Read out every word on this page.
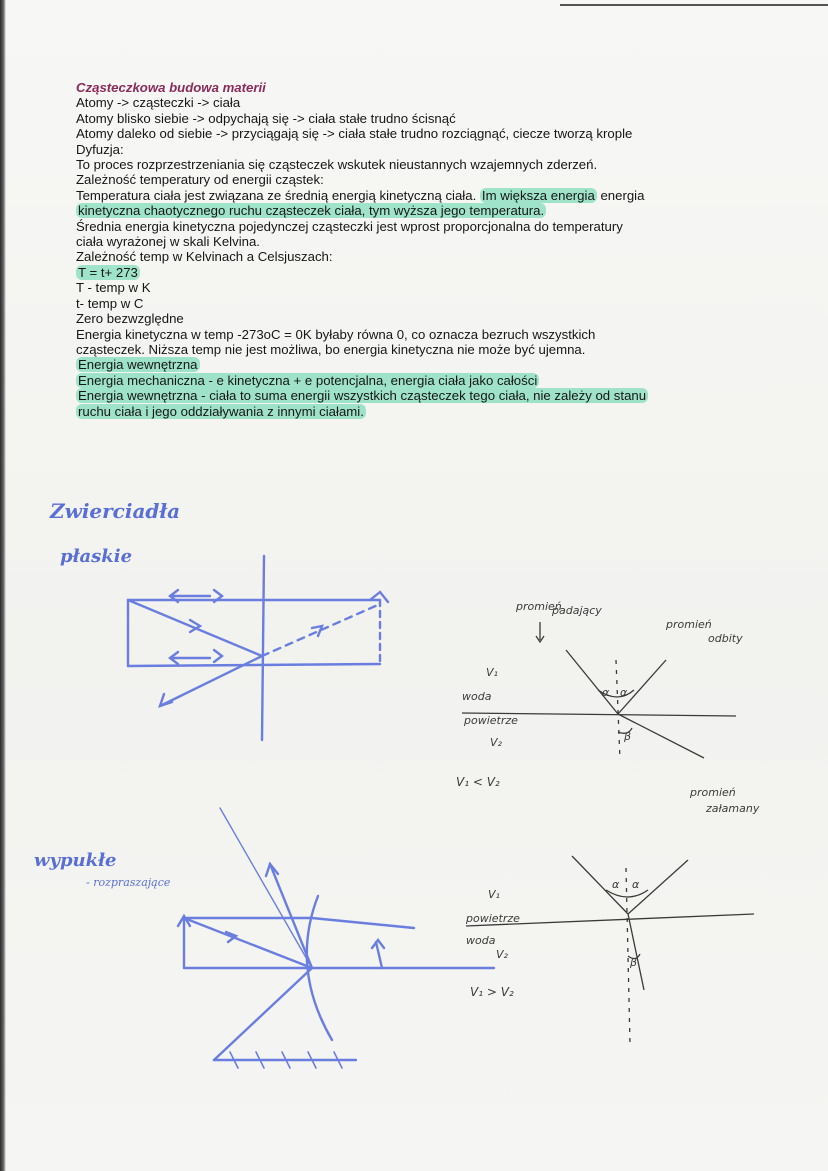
Cząsteczkowa budowa materii
Atomy -> cząsteczki -> ciała
Atomy blisko siebie -> odpychają się -> ciała stałe trudno ścisnąć
Atomy daleko od siebie -> przyciągają się -> ciała stałe trudno rozciągnąć, ciecze tworzą krople
Dyfuzja:
To proces rozprzestrzeniania się cząsteczek wskutek nieustannych wzajemnych zderzeń.
Zależność temperatury od energii cząstek:
Temperatura ciała jest związana ze średnią energią kinetyczną ciała. Im większa energia energia
kinetyczna chaotycznego ruchu cząsteczek ciała, tym wyższa jego temperatura.
Średnia energia kinetyczna pojedynczej cząsteczki jest wprost proporcjonalna do temperatury
ciała wyrażonej w skali Kelvina.
Zależność temp w Kelvinach a Celsjuszach:
T = t+ 273
T - temp w K
t- temp w C
Zero bezwzględne
Energia kinetyczna w temp -273oC = 0K byłaby równa 0, co oznacza bezruch wszystkich
cząsteczek. Niższa temp nie jest możliwa, bo energia kinetyczna nie może być ujemna.
Energia wewnętrzna
Energia mechaniczna - e kinetyczna + e potencjalna, energia ciała jako całości
Energia wewnętrzna - ciała to suma energii wszystkich cząsteczek tego ciała, nie zależy od stanu
ruchu ciała i jego oddziaływania z innymi ciałami.
Zwierciadła
płaskie
promień
padający
promień
odbity
V₁
woda
powietrze
V₂
V₁ < V₂
α α
β
promień
załamany
wypukłe
- rozpraszające
V₁
powietrze
woda
V₂
V₁ > V₂
α α
β
